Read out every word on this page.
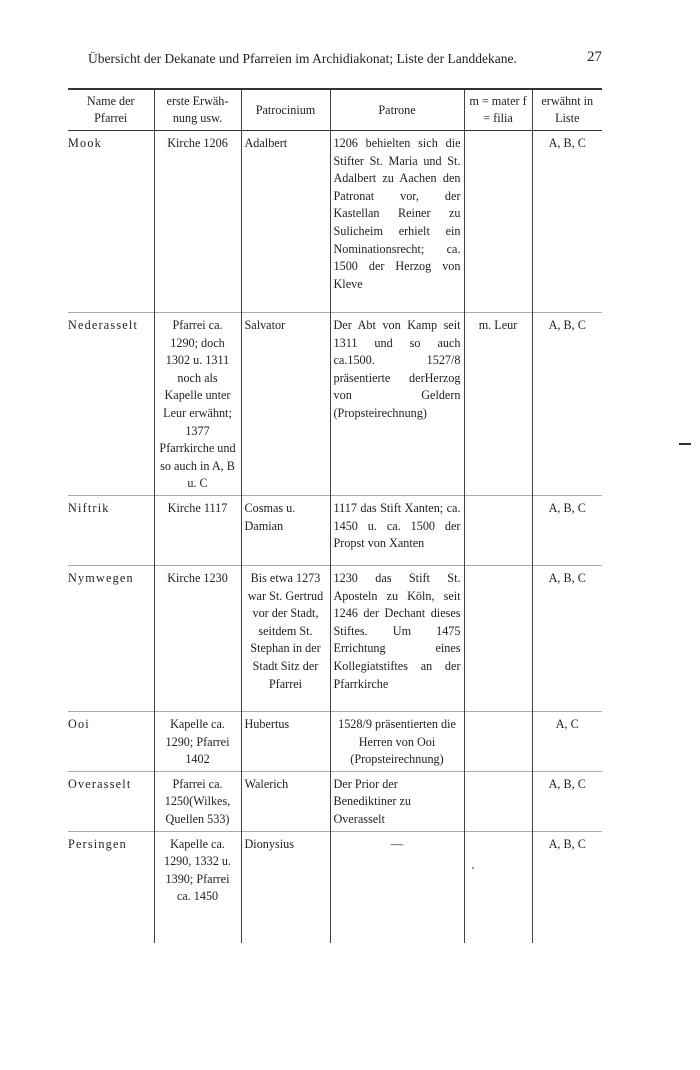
Übersicht der Dekanate und Pfarreien im Archidiakonat; Liste der Landdekane.	27
Name der Pfarrei	erste Erwäh- nung usw.	Patrocinium	Patrone	m = mater f = filia	erwähnt in Liste
Mook	Kirche 1206	Adalbert	1206 behielten sich die Stifter St. Maria und St. Adalbert zu Aachen den Patronat vor, der Kastellan Reiner zu Sulicheim erhielt ein Nominationsrecht; ca. 1500 der Herzog von Kleve		A, B, C
Nederasselt	Pfarrei ca. 1290; doch 1302 u. 1311 noch als Kapelle unter Leur erwähnt; 1377 Pfarrkirche und so auch in A, B u. C	Salvator	Der Abt von Kamp seit 1311 und so auch ca.1500. 1527/8 präsentierte derHerzog von Geldern (Propsteirechnung)	m. Leur	A, B, C
Niftrik	Kirche 1117	Cosmas u. Damian	1117 das Stift Xanten; ca. 1450 u. ca. 1500 der Propst von Xanten		A, B, C
Nymwegen	Kirche 1230	Bis etwa 1273 war St. Gertrud vor der Stadt, seitdem St. Stephan in der Stadt Sitz der Pfarrei	1230 das Stift St. Aposteln zu Köln, seit 1246 der Dechant dieses Stiftes. Um 1475 Errichtung eines Kollegiatstiftes an der Pfarrkirche		A, B, C
Ooi	Kapelle ca. 1290; Pfarrei 1402	Hubertus	1528/9 präsentierten die Herren von Ooi (Propsteirechnung)		A, C
Overasselt	Pfarrei ca. 1250(Wilkes, Quellen 533)	Walerich	Der Prior der Benediktiner zu Overasselt		A, B, C
Persingen	Kapelle ca. 1290, 1332 u. 1390; Pfarrei ca. 1450	Dionysius	—		A, B, C
